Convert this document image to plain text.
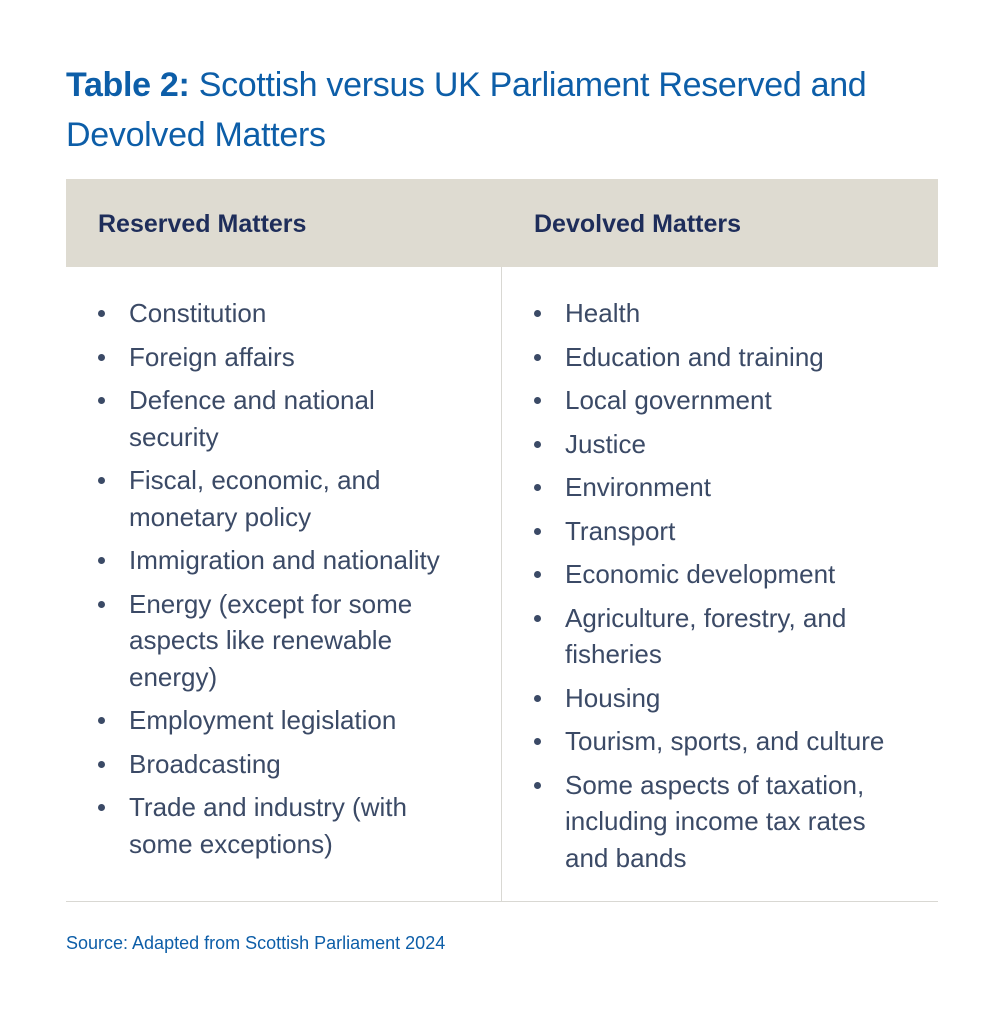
Table 2: Scottish versus UK Parliament Reserved and Devolved Matters
Reserved Matters	Devolved Matters
Constitution
Foreign affairs
Defence and national security
Fiscal, economic, and monetary policy
Immigration and nationality
Energy (except for some aspects like renewable energy)
Employment legislation
Broadcasting
Trade and industry (with some exceptions)
Health
Education and training
Local government
Justice
Environment
Transport
Economic development
Agriculture, forestry, and fisheries
Housing
Tourism, sports, and culture
Some aspects of taxation, including income tax rates and bands

Source: Adapted from Scottish Parliament 2024
